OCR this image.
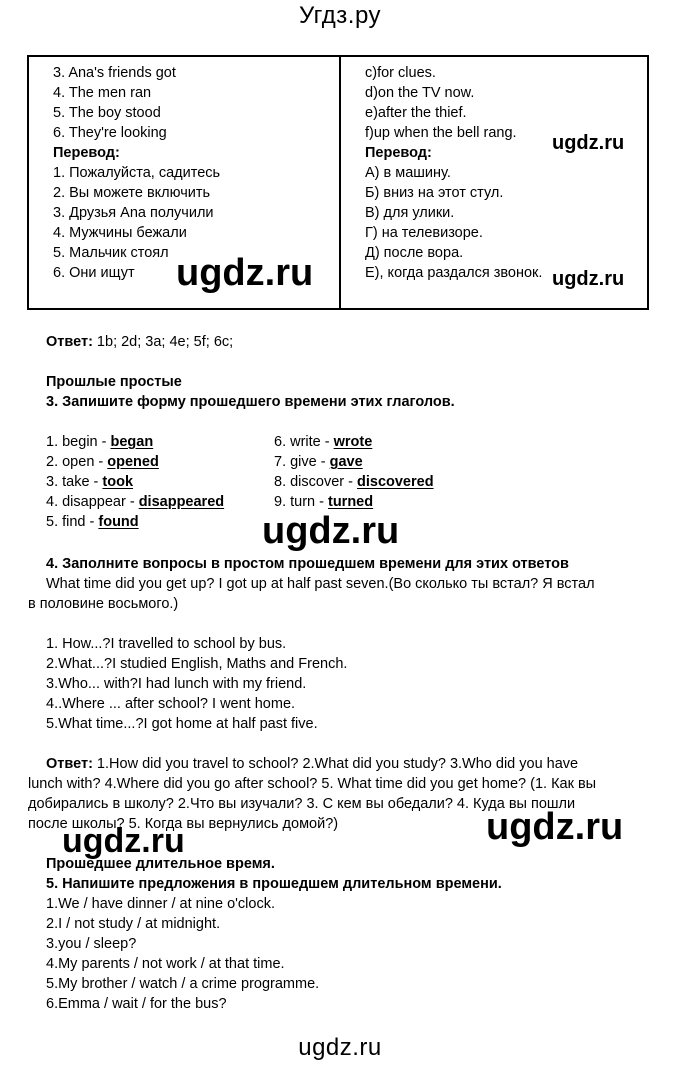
Угдз.ру
3. Ana's friends got
4. The men ran
5. The boy stood
6. They're looking
Перевод:
1. Пожалуйста, садитесь
2. Вы можете включить
3. Друзья Ana получили
4. Мужчины бежали
5. Мальчик стоял
6. Они ищут
c)for clues.
d)on the TV now.
e)after the thief.
f)up when the bell rang.
Перевод:
А) в машину.
Б) вниз на этот стул.
В) для улики.
Г) на телевизоре.
Д) после вора.
Е), когда раздался звонок.
ugdz.ru
ugdz.ru	ugdz.ru
Ответ: 1b; 2d; 3a; 4e; 5f; 6c;
Прошлые простые
3. Запишите форму прошедшего времени этих глаголов.
1. begin - began
2. open - opened
3. take - took
4. disappear - disappeared
5. find - found
6. write - wrote
7. give - gave
8. discover - discovered
9. turn - turned
ugdz.ru
4. Заполните вопросы в простом прошедшем времени для этих ответов
What time did you get up? I got up at half past seven.(Во сколько ты встал? Я встал
в половине восьмого.)
1. How...?I travelled to school by bus.
2.What...?I studied English, Maths and French.
3.Who... with?I had lunch with my friend.
4..Where ... after school? I went home.
5.What time...?I got home at half past five.
Ответ: 1.How did you travel to school? 2.What did you study? 3.Who did you have
lunch with? 4.Where did you go after school? 5. What time did you get home? (1. Как вы
добирались в школу? 2.Что вы изучали? 3. С кем вы обедали? 4. Куда вы пошли
после школы? 5. Когда вы вернулись домой?)
ugdz.ru	ugdz.ru
Прошедшее длительное время.
5. Напишите предложения в прошедшем длительном времени.
1.We / have dinner / at nine o'clock.
2.I / not study / at midnight.
3.you / sleep?
4.My parents / not work / at that time.
5.My brother / watch / a crime programme.
6.Emma / wait / for the bus?
ugdz.ru
